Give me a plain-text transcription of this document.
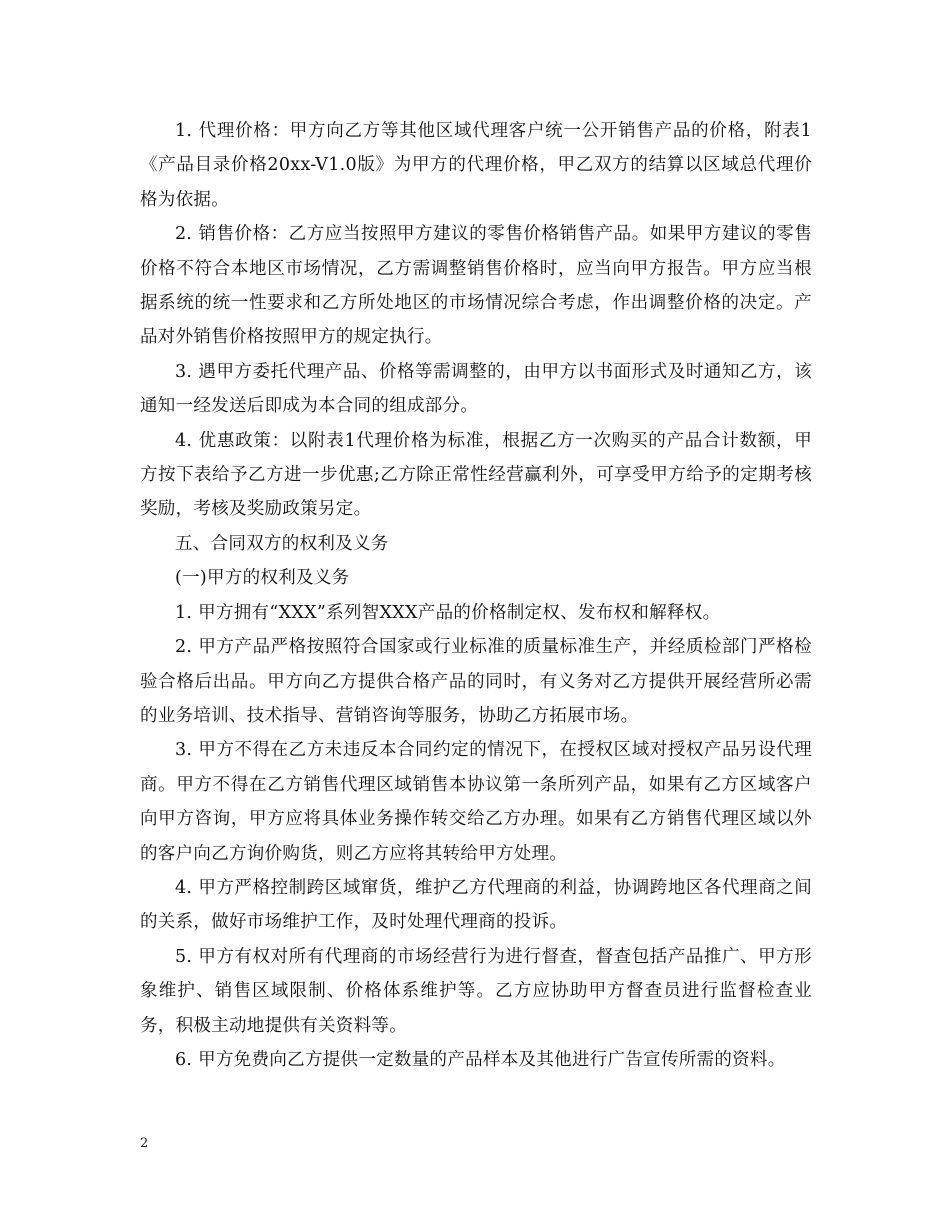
1. 代理价格：甲方向乙方等其他区域代理客户统一公开销售产品的价格，附表1《产品目录价格20xx-V1.0版》为甲方的代理价格，甲乙双方的结算以区域总代理价格为依据。

2. 销售价格：乙方应当按照甲方建议的零售价格销售产品。如果甲方建议的零售价格不符合本地区市场情况，乙方需调整销售价格时，应当向甲方报告。甲方应当根据系统的统一性要求和乙方所处地区的市场情况综合考虑，作出调整价格的决定。产品对外销售价格按照甲方的规定执行。

3. 遇甲方委托代理产品、价格等需调整的，由甲方以书面形式及时通知乙方，该通知一经发送后即成为本合同的组成部分。

4. 优惠政策：以附表1代理价格为标准，根据乙方一次购买的产品合计数额，甲方按下表给予乙方进一步优惠;乙方除正常性经营赢利外，可享受甲方给予的定期考核奖励，考核及奖励政策另定。

五、合同双方的权利及义务

(一)甲方的权利及义务

1. 甲方拥有“XXX”系列智XXX产品的价格制定权、发布权和解释权。

2. 甲方产品严格按照符合国家或行业标准的质量标准生产，并经质检部门严格检验合格后出品。甲方向乙方提供合格产品的同时，有义务对乙方提供开展经营所必需的业务培训、技术指导、营销咨询等服务，协助乙方拓展市场。

3. 甲方不得在乙方未违反本合同约定的情况下，在授权区域对授权产品另设代理商。甲方不得在乙方销售代理区域销售本协议第一条所列产品，如果有乙方区域客户向甲方咨询，甲方应将具体业务操作转交给乙方办理。如果有乙方销售代理区域以外的客户向乙方询价购货，则乙方应将其转给甲方处理。

4. 甲方严格控制跨区域窜货，维护乙方代理商的利益，协调跨地区各代理商之间的关系，做好市场维护工作，及时处理代理商的投诉。

5. 甲方有权对所有代理商的市场经营行为进行督查，督查包括产品推广、甲方形象维护、销售区域限制、价格体系维护等。乙方应协助甲方督查员进行监督检查业务，积极主动地提供有关资料等。

6. 甲方免费向乙方提供一定数量的产品样本及其他进行广告宣传所需的资料。

2
